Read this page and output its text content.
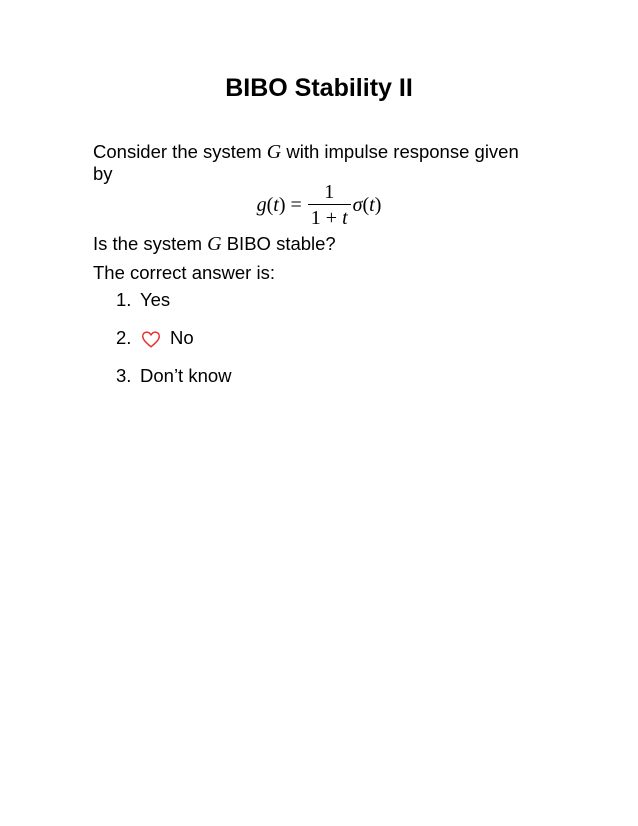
BIBO Stability II

Consider the system G with impulse response given by

$g(t) = \frac{1}{1 + t} \sigma(t)$

Is the system G BIBO stable?

The correct answer is:

1. Yes
2.	No
3. Don’t know
